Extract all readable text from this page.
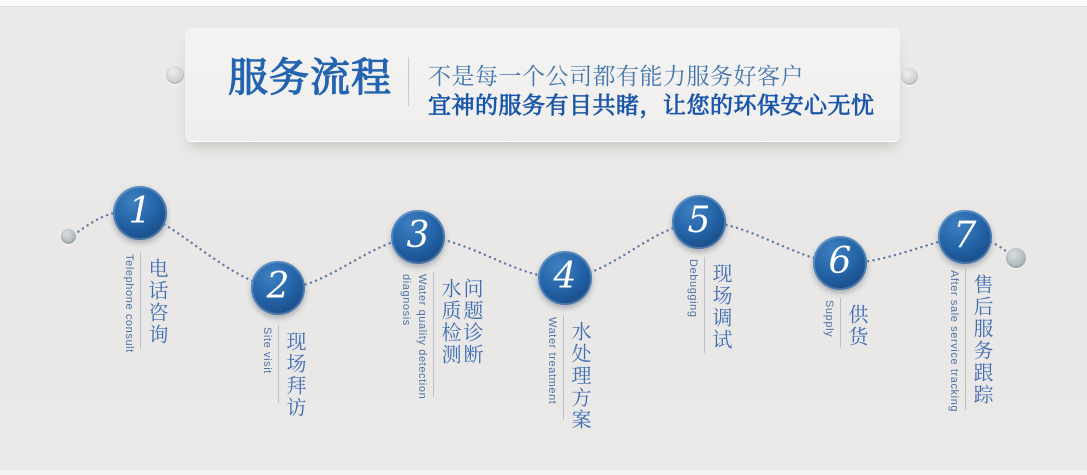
服务流程 不是每一个公司都有能力服务好客户
宜神的服务有目共睹，让您的环保安心无忧
1
Telephone consult 电话咨询	2
Site visit 现场拜访
3
Water quality detection
diagnosis 水质检测 问题诊断
4
Water treatment 水处理方案
5
Debugging 现场调试
6
Supply 供货
7
After sale service tracking 售后服务跟踪
